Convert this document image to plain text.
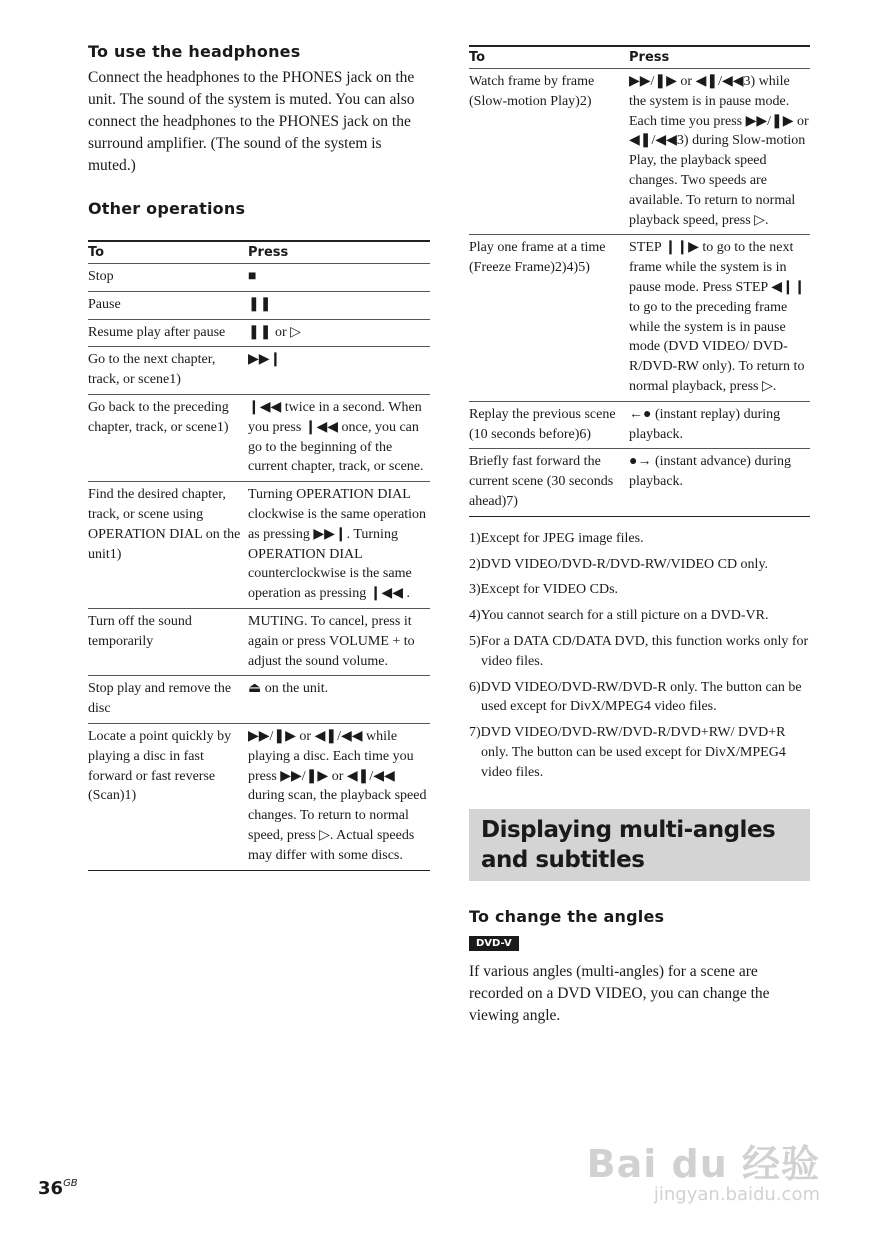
To use the headphones

Connect the headphones to the PHONES jack on the unit. The sound of the system is muted. You can also connect the headphones to the PHONES jack on the surround amplifier. (The sound of the system is muted.)

Other operations
To	Press
Stop	■
Pause	❚❚
Resume play after pause	❚❚ or ▷
Go to the next chapter, track, or scene1)	▶▶❙
Go back to the preceding chapter, track, or scene1)	❙◀◀ twice in a second. When you press ❙◀◀ once, you can go to the beginning of the current chapter, track, or scene.
Find the desired chapter, track, or scene using OPERATION DIAL on the unit1)	Turning OPERATION DIAL clockwise is the same operation as pressing ▶▶❙. Turning OPERATION DIAL counterclockwise is the same operation as pressing ❙◀◀ .
Turn off the sound temporarily	MUTING. To cancel, press it again or press VOLUME + to adjust the sound volume.
Stop play and remove the disc	⏏ on the unit.
Locate a point quickly by playing a disc in fast forward or fast reverse (Scan)1)	▶▶/❚▶ or ◀❚/◀◀ while playing a disc. Each time you press ▶▶/❚▶ or ◀❚/◀◀ during scan, the playback speed changes. To return to normal speed, press ▷. Actual speeds may differ with some discs.
To	Press
Watch frame by frame (Slow-motion Play)2)	▶▶/❚▶ or ◀❚/◀◀3) while the system is in pause mode. Each time you press ▶▶/❚▶ or ◀❚/◀◀3) during Slow-motion Play, the playback speed changes. Two speeds are available. To return to normal playback speed, press ▷.
Play one frame at a time (Freeze Frame)2)4)5)	STEP ❙❙▶ to go to the next frame while the system is in pause mode. Press STEP ◀❙❙ to go to the preceding frame while the system is in pause mode (DVD VIDEO/ DVD-R/DVD-RW only). To return to normal playback, press ▷.
Replay the previous scene (10 seconds before)6)	←● (instant replay) during playback.
Briefly fast forward the current scene (30 seconds ahead)7)	●→ (instant advance) during playback.
1)Except for JPEG image files.
2)DVD VIDEO/DVD-R/DVD-RW/VIDEO CD only.
3)Except for VIDEO CDs.
4)You cannot search for a still picture on a DVD-VR.
5)For a DATA CD/DATA DVD, this function works only for video files.
6)DVD VIDEO/DVD-RW/DVD-R only. The button can be used except for DivX/MPEG4 video files.
7)DVD VIDEO/DVD-RW/DVD-R/DVD+RW/ DVD+R only. The button can be used except for DivX/MPEG4 video files.
Displaying multi-angles and subtitles
To change the angles
DVD-V

If various angles (multi-angles) for a scene are recorded on a DVD VIDEO, you can change the viewing angle.

$36^{GB}$	Bai du 经验
jingyan.baidu.com
